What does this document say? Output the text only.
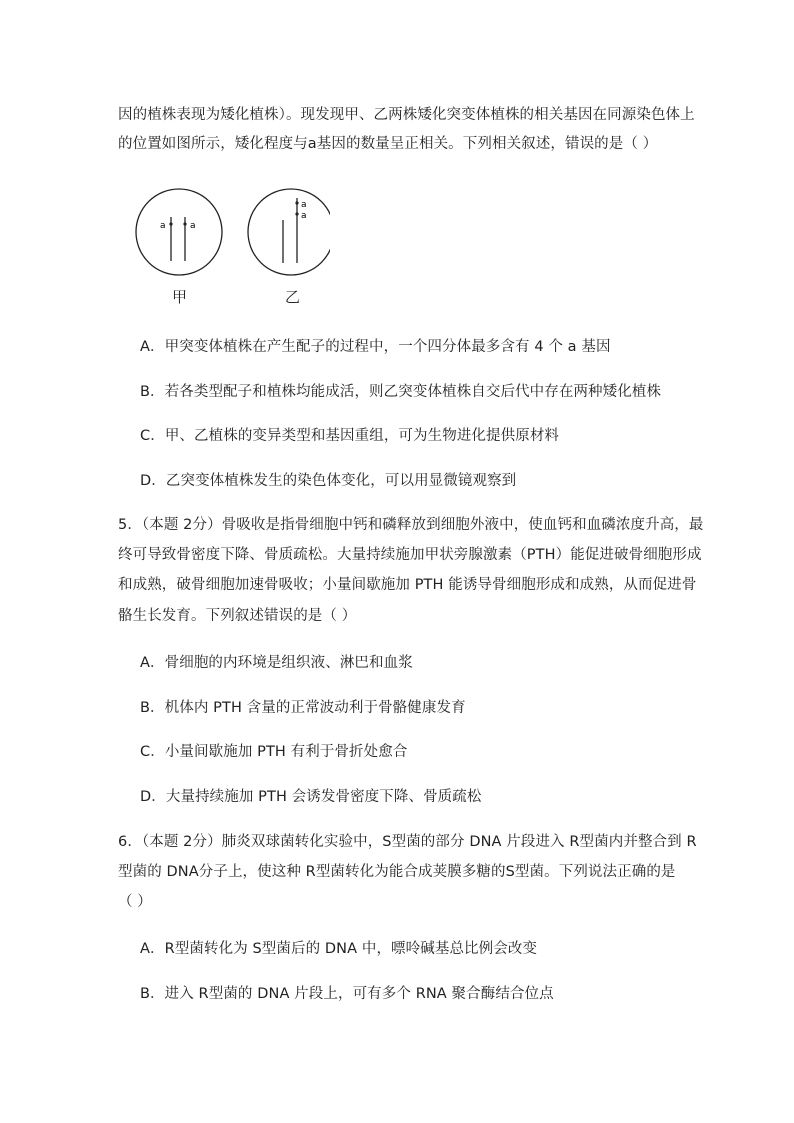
因的植株表现为矮化植株）。现发现甲、乙两株矮化突变体植株的相关基因在同源染色体上
的位置如图所示，矮化程度与a基因的数量呈正相关。下列相关叙述，错误的是（ ）
a	a
a
a
甲	乙
A．甲突变体植株在产生配子的过程中，一个四分体最多含有 4 个 a 基因
B．若各类型配子和植株均能成活，则乙突变体植株自交后代中存在两种矮化植株
C．甲、乙植株的变异类型和基因重组，可为生物进化提供原材料
D．乙突变体植株发生的染色体变化，可以用显微镜观察到
5．（本题 2分）骨吸收是指骨细胞中钙和磷释放到细胞外液中，使血钙和血磷浓度升高，最
终可导致骨密度下降、骨质疏松。大量持续施加甲状旁腺激素（PTH）能促进破骨细胞形成
和成熟，破骨细胞加速骨吸收；小量间歇施加 PTH 能诱导骨细胞形成和成熟，从而促进骨
骼生长发育。下列叙述错误的是（ ）
A．骨细胞的内环境是组织液、淋巴和血浆
B．机体内 PTH 含量的正常波动利于骨骼健康发育
C．小量间歇施加 PTH 有利于骨折处愈合
D．大量持续施加 PTH 会诱发骨密度下降、骨质疏松
6．（本题 2分）肺炎双球菌转化实验中，S型菌的部分 DNA 片段进入 R型菌内并整合到 R
型菌的 DNA分子上，使这种 R型菌转化为能合成荚膜多糖的S型菌。下列说法正确的是
（ ）
A．R型菌转化为 S型菌后的 DNA 中，嘌呤碱基总比例会改变
B．进入 R型菌的 DNA 片段上，可有多个 RNA 聚合酶结合位点
